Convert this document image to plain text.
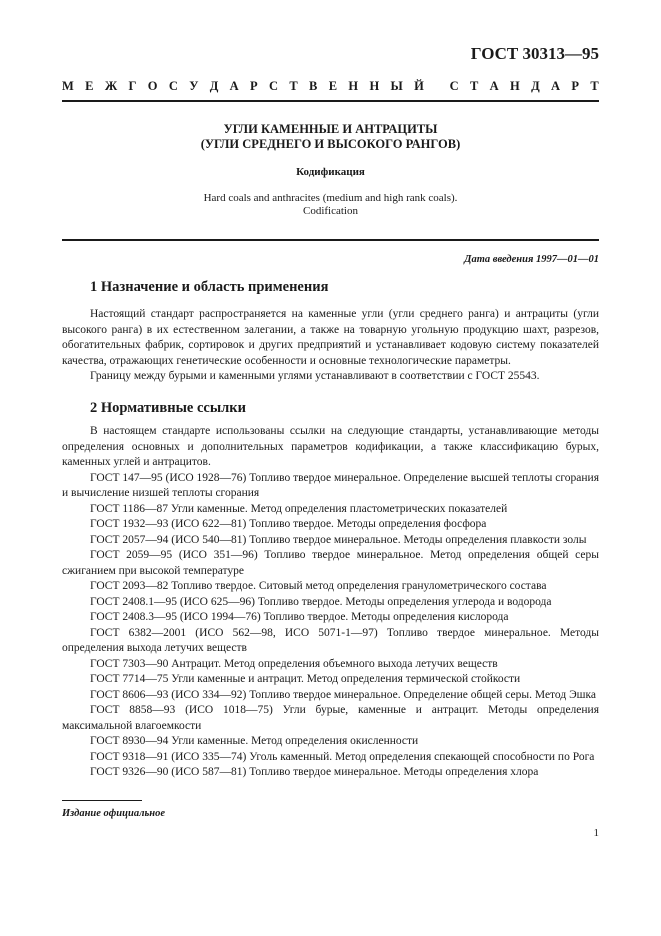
ГОСТ 30313—95
М Е Ж Г О С У Д А Р С Т В Е Н Н Ы Й
С Т А Н Д А Р Т
УГЛИ КАМЕННЫЕ И АНТРАЦИТЫ
(УГЛИ СРЕДНЕГО И ВЫСОКОГО РАНГОВ)
Кодификация
Hard coals and anthracites (medium and high rank coals).
Codification
Дата введения 1997—01—01
1 Назначение и область применения

Настоящий стандарт распространяется на каменные угли (угли среднего ранга) и антрациты (угли высокого ранга) в их естественном залегании, а также на товарную угольную продукцию шахт, разрезов, обогатительных фабрик, сортировок и других предприятий и устанавливает кодовую систему показателей качества, отражающих генетические особенности и основные технологические параметры.

Границу между бурыми и каменными углями устанавливают в соответствии с ГОСТ 25543.

2 Нормативные ссылки

В настоящем стандарте использованы ссылки на следующие стандарты, устанавливающие методы определения основных и дополнительных параметров кодификации, а также классификацию бурых, каменных углей и антрацитов.

ГОСТ 147—95 (ИСО 1928—76) Топливо твердое минеральное. Определение высшей теплоты сгорания и вычисление низшей теплоты сгорания

ГОСТ 1186—87 Угли каменные. Метод определения пластометрических показателей

ГОСТ 1932—93 (ИСО 622—81) Топливо твердое. Методы определения фосфора

ГОСТ 2057—94 (ИСО 540—81) Топливо твердое минеральное. Методы определения плавкости золы

ГОСТ 2059—95 (ИСО 351—96) Топливо твердое минеральное. Метод определения общей серы сжиганием при высокой температуре

ГОСТ 2093—82 Топливо твердое. Ситовый метод определения гранулометрического состава

ГОСТ 2408.1—95 (ИСО 625—96) Топливо твердое. Методы определения углерода и водорода

ГОСТ 2408.3—95 (ИСО 1994—76) Топливо твердое. Методы определения кислорода

ГОСТ 6382—2001 (ИСО 562—98, ИСО 5071-1—97) Топливо твердое минеральное. Методы определения выхода летучих веществ

ГОСТ 7303—90 Антрацит. Метод определения объемного выхода летучих веществ

ГОСТ 7714—75 Угли каменные и антрацит. Метод определения термической стойкости

ГОСТ 8606—93 (ИСО 334—92) Топливо твердое минеральное. Определение общей серы. Метод Эшка

ГОСТ 8858—93 (ИСО 1018—75) Угли бурые, каменные и антрацит. Методы определения максимальной влагоемкости

ГОСТ 8930—94 Угли каменные. Метод определения окисленности

ГОСТ 9318—91 (ИСО 335—74) Уголь каменный. Метод определения спекающей способности по Рога

ГОСТ 9326—90 (ИСО 587—81) Топливо твердое минеральное. Методы определения хлора

Издание официальное
1
